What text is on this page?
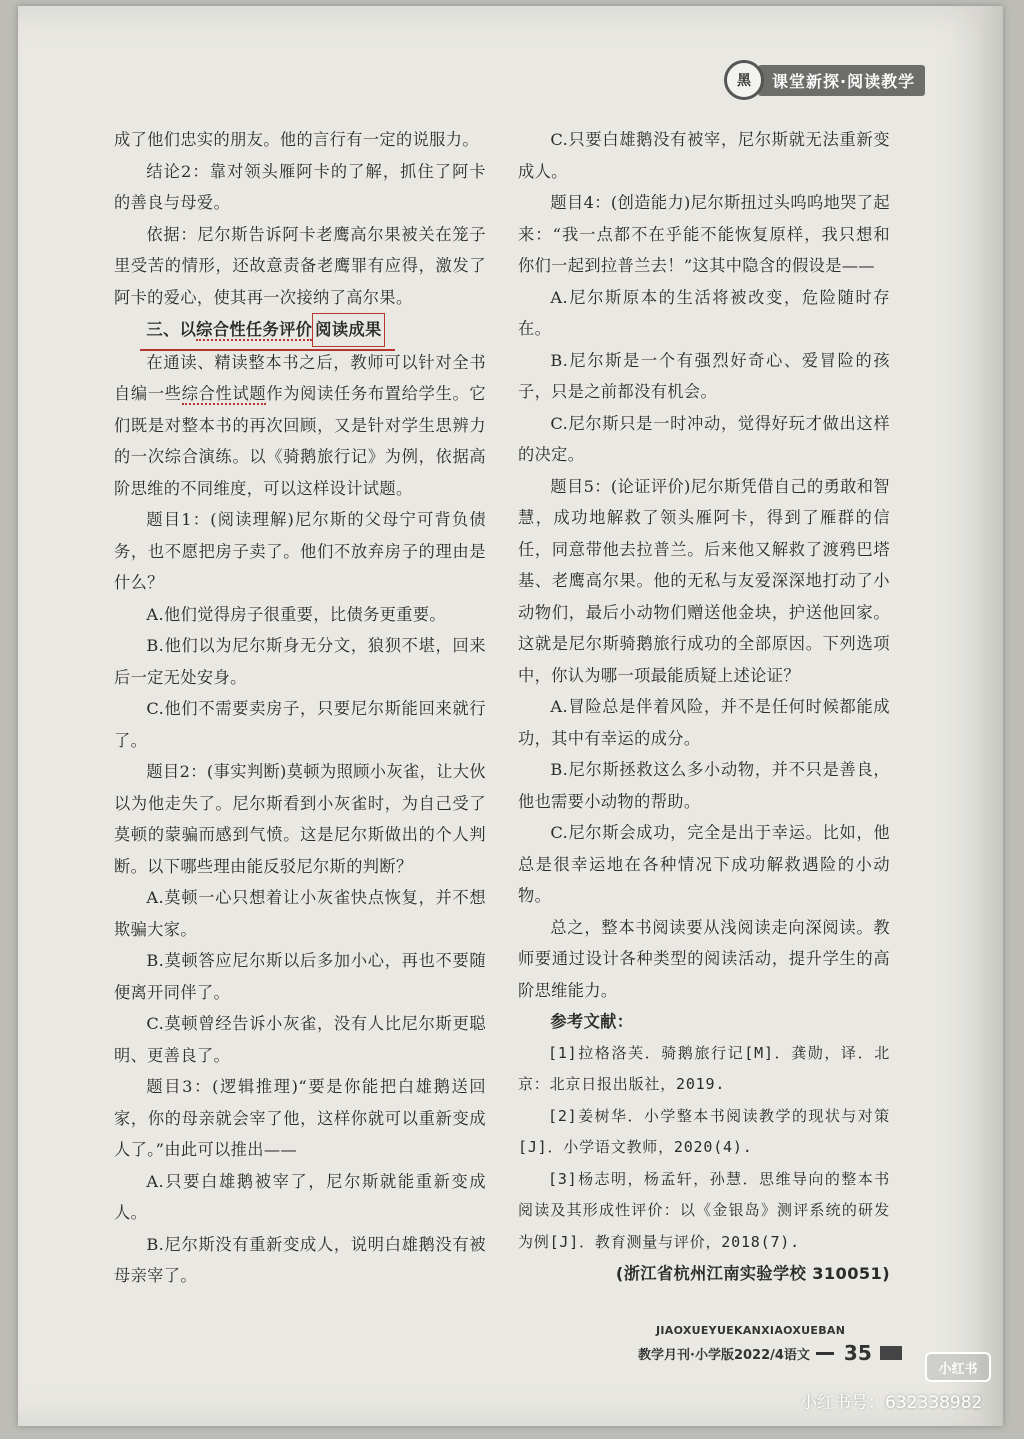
黑	课堂新探·阅读教学

成了他们忠实的朋友。他的言行有一定的说服力。

结论2：靠对领头雁阿卡的了解，抓住了阿卡的善良与母爱。

依据：尼尔斯告诉阿卡老鹰高尔果被关在笼子里受苦的情形，还故意责备老鹰罪有应得，激发了阿卡的爱心，使其再一次接纳了高尔果。

三、以综合性任务评价 阅读成果

在通读、精读整本书之后，教师可以针对全书自编一些综合性试题作为阅读任务布置给学生。它们既是对整本书的再次回顾，又是针对学生思辨力的一次综合演练。以《骑鹅旅行记》为例，依据高阶思维的不同维度，可以这样设计试题。

题目1：(阅读理解)尼尔斯的父母宁可背负债务，也不愿把房子卖了。他们不放弃房子的理由是什么？

A.他们觉得房子很重要，比债务更重要。

B.他们以为尼尔斯身无分文，狼狈不堪，回来后一定无处安身。

C.他们不需要卖房子，只要尼尔斯能回来就行了。

题目2：(事实判断)莫顿为照顾小灰雀，让大伙以为他走失了。尼尔斯看到小灰雀时，为自己受了莫顿的蒙骗而感到气愤。这是尼尔斯做出的个人判断。以下哪些理由能反驳尼尔斯的判断？

A.莫顿一心只想着让小灰雀快点恢复，并不想欺骗大家。

B.莫顿答应尼尔斯以后多加小心，再也不要随便离开同伴了。

C.莫顿曾经告诉小灰雀，没有人比尼尔斯更聪明、更善良了。

题目3：(逻辑推理)“要是你能把白雄鹅送回家，你的母亲就会宰了他，这样你就可以重新变成人了。”由此可以推出——

A.只要白雄鹅被宰了，尼尔斯就能重新变成人。

B.尼尔斯没有重新变成人，说明白雄鹅没有被母亲宰了。

C.只要白雄鹅没有被宰，尼尔斯就无法重新变成人。

题目4：(创造能力)尼尔斯扭过头呜呜地哭了起来：“我一点都不在乎能不能恢复原样，我只想和你们一起到拉普兰去！”这其中隐含的假设是——

A.尼尔斯原本的生活将被改变，危险随时存在。

B.尼尔斯是一个有强烈好奇心、爱冒险的孩子，只是之前都没有机会。

C.尼尔斯只是一时冲动，觉得好玩才做出这样的决定。

题目5：(论证评价)尼尔斯凭借自己的勇敢和智慧，成功地解救了领头雁阿卡，得到了雁群的信任，同意带他去拉普兰。后来他又解救了渡鸦巴塔基、老鹰高尔果。他的无私与友爱深深地打动了小动物们，最后小动物们赠送他金块，护送他回家。这就是尼尔斯骑鹅旅行成功的全部原因。下列选项中，你认为哪一项最能质疑上述论证？

A.冒险总是伴着风险，并不是任何时候都能成功，其中有幸运的成分。

B.尼尔斯拯救这么多小动物，并不只是善良，他也需要小动物的帮助。

C.尼尔斯会成功，完全是出于幸运。比如，他总是很幸运地在各种情况下成功解救遇险的小动物。

总之，整本书阅读要从浅阅读走向深阅读。教师要通过设计各种类型的阅读活动，提升学生的高阶思维能力。

参考文献：

[1]拉格洛芙．骑鹅旅行记[M]．龚勋，译．北京：北京日报出版社，2019.

[2]姜树华．小学整本书阅读教学的现状与对策[J]．小学语文教师，2020(4).

[3]杨志明，杨孟轩，孙慧．思维导向的整本书阅读及其形成性评价：以《金银岛》测评系统的研发为例[J]．教育测量与评价，2018(7).

(浙江省杭州江南实验学校 310051)

JIAOXUEYUEKANXIAOXUEBAN
教学月刊·小学版2022/4语文 35
小红书
小红书号：632338982
